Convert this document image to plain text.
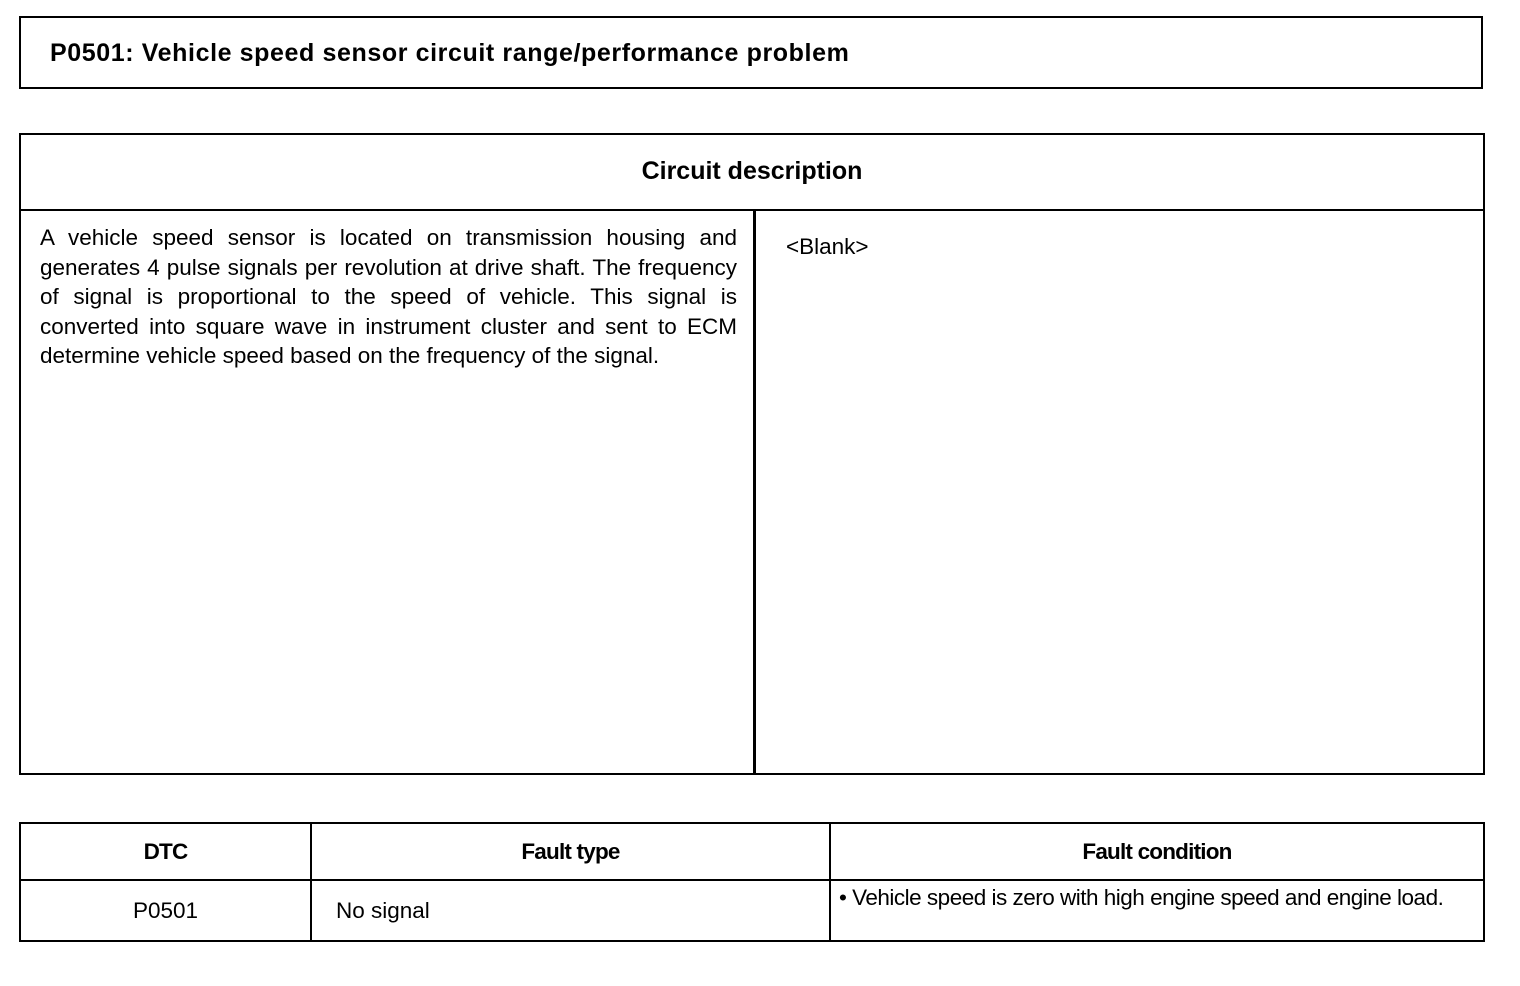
P0501: Vehicle speed sensor circuit range/performance problem
Circuit description
A vehicle speed sensor is located on transmission housing and generates 4 pulse signals per revolution at drive shaft. The frequency of signal is proportional to the speed of vehicle. This signal is converted into square wave in instrument cluster and sent to ECM determine vehicle speed based on the frequency of the signal.
<Blank>
DTC	Fault type	Fault condition
P0501	No signal	• Vehicle speed is zero with high engine speed and engine load.
